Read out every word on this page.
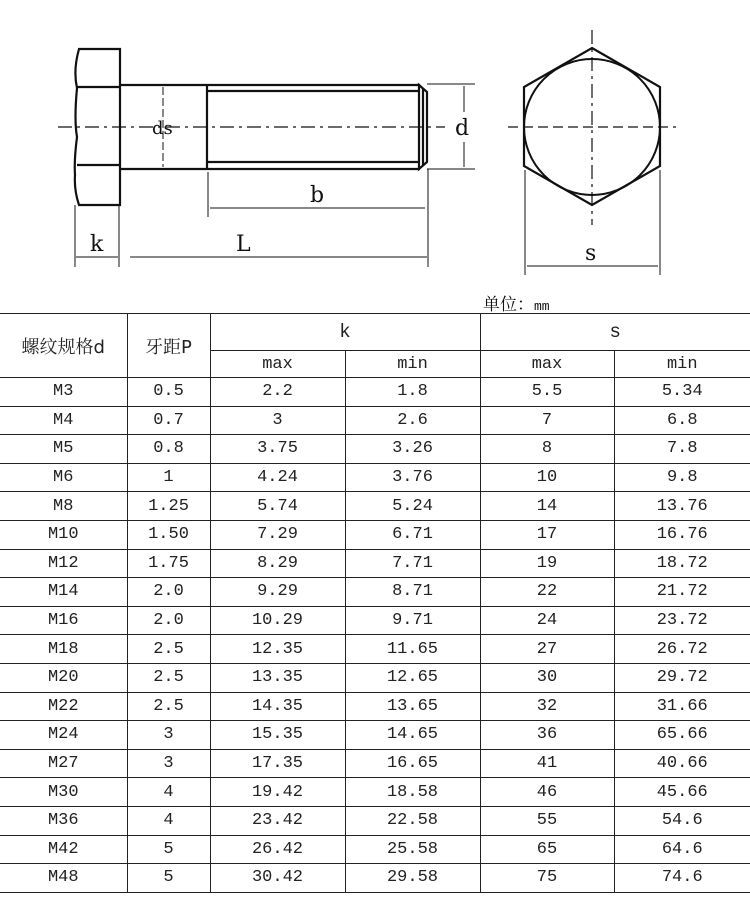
ds	d
b
k	L	s
单位：mm
螺纹规格d	牙距P	k		s	
		max	min	max	min
M3	0.5	2.2	1.8	5.5	5.34
M4	0.7	3	2.6	7	6.8
M5	0.8	3.75	3.26	8	7.8
M6	1	4.24	3.76	10	9.8
M8	1.25	5.74	5.24	14	13.76
M10	1.50	7.29	6.71	17	16.76
M12	1.75	8.29	7.71	19	18.72
M14	2.0	9.29	8.71	22	21.72
M16	2.0	10.29	9.71	24	23.72
M18	2.5	12.35	11.65	27	26.72
M20	2.5	13.35	12.65	30	29.72
M22	2.5	14.35	13.65	32	31.66
M24	3	15.35	14.65	36	65.66
M27	3	17.35	16.65	41	40.66
M30	4	19.42	18.58	46	45.66
M36	4	23.42	22.58	55	54.6
M42	5	26.42	25.58	65	64.6
M48	5	30.42	29.58	75	74.6
